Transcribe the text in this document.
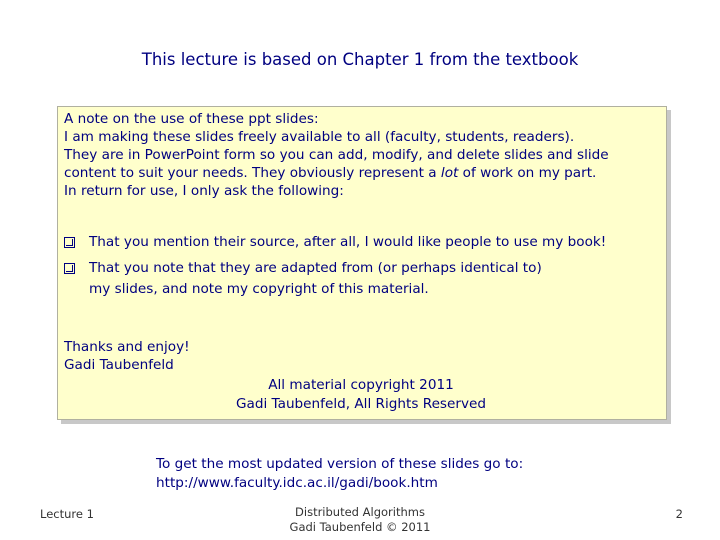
This lecture is based on Chapter 1 from the textbook
A note on the use of these ppt slides:
I am making these slides freely available to all (faculty, students, readers).
They are in PowerPoint form so you can add, modify, and delete slides and slide
content to suit your needs. They obviously represent a lot of work on my part.
In return for use, I only ask the following:
That you mention their source, after all, I would like people to use my book!
That you note that they are adapted from (or perhaps identical to)
my slides, and note my copyright of this material.
Thanks and enjoy!
Gadi Taubenfeld
All material copyright 2011
Gadi Taubenfeld, All Rights Reserved
To get the most updated version of these slides go to:
http://www.faculty.idc.ac.il/gadi/book.htm
Lecture 1	Distributed Algorithms
Gadi Taubenfeld © 2011
2
